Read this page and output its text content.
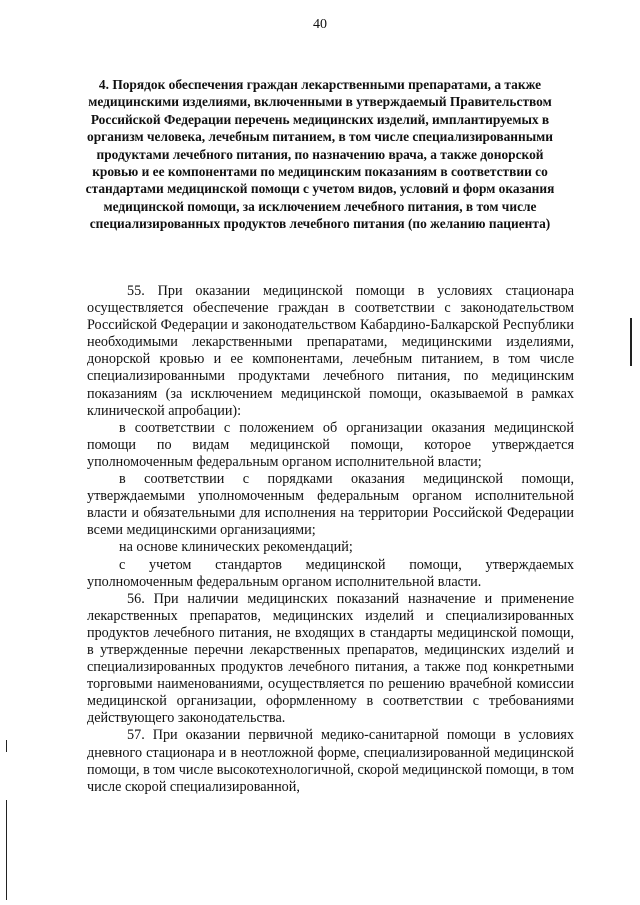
40
4. Порядок обеспечения граждан лекарственными препаратами, а также медицинскими изделиями, включенными в утверждаемый Правительством Российской Федерации перечень медицинских изделий, имплантируемых в организм человека, лечебным питанием, в том числе специализированными продуктами лечебного питания, по назначению врача, а также донорской кровью и ее компонентами по медицинским показаниям в соответствии со стандартами медицинской помощи с учетом видов, условий и форм оказания медицинской помощи, за исключением лечебного питания, в том числе специализированных продуктов лечебного питания (по желанию пациента)

55. При оказании медицинской помощи в условиях стационара осуществляется обеспечение граждан в соответствии с законодательством Российской Федерации и законодательством Кабардино-Балкарской Республики необходимыми лекарственными препаратами, медицинскими изделиями, донорской кровью и ее компонентами, лечебным питанием, в том числе специализированными продуктами лечебного питания, по медицинским показаниям (за исключением медицинской помощи, оказываемой в рамках клинической апробации):

в соответствии с положением об организации оказания медицинской помощи по видам медицинской помощи, которое утверждается уполномоченным федеральным органом исполнительной власти;

в соответствии с порядками оказания медицинской помощи, утверждаемыми уполномоченным федеральным органом исполнительной власти и обязательными для исполнения на территории Российской Федерации всеми медицинскими организациями;

на основе клинических рекомендаций;

с учетом стандартов медицинской помощи, утверждаемых уполномоченным федеральным органом исполнительной власти.

56. При наличии медицинских показаний назначение и применение лекарственных препаратов, медицинских изделий и специализированных продуктов лечебного питания, не входящих в стандарты медицинской помощи, в утвержденные перечни лекарственных препаратов, медицинских изделий и специализированных продуктов лечебного питания, а также под конкретными торговыми наименованиями, осуществляется по решению врачебной комиссии медицинской организации, оформленному в соответствии с требованиями действующего законодательства.

57. При оказании первичной медико-санитарной помощи в условиях дневного стационара и в неотложной форме, специализированной медицинской помощи, в том числе высокотехнологичной, скорой медицинской помощи, в том числе скорой специализированной,
